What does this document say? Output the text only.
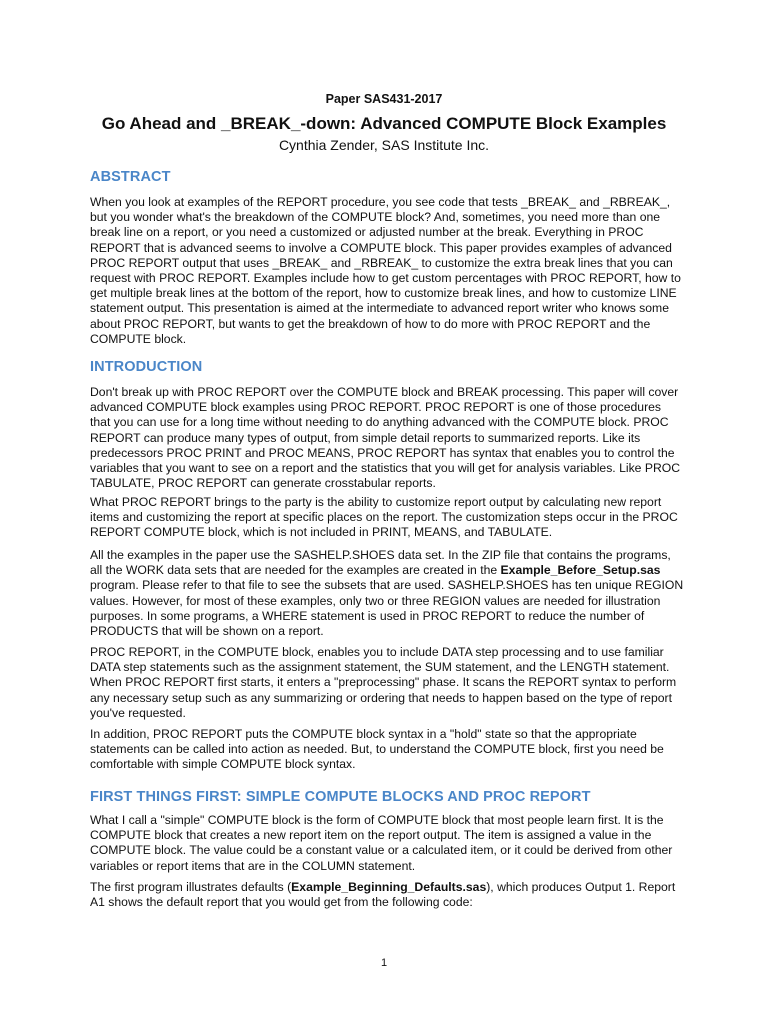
Paper SAS431-2017
Go Ahead and _BREAK_-down: Advanced COMPUTE Block Examples
Cynthia Zender, SAS Institute Inc.
ABSTRACT
When you look at examples of the REPORT procedure, you see code that tests _BREAK_ and _RBREAK_, but you wonder what's the breakdown of the COMPUTE block? And, sometimes, you need more than one break line on a report, or you need a customized or adjusted number at the break. Everything in PROC REPORT that is advanced seems to involve a COMPUTE block. This paper provides examples of advanced PROC REPORT output that uses _BREAK_ and _RBREAK_ to customize the extra break lines that you can request with PROC REPORT. Examples include how to get custom percentages with PROC REPORT, how to get multiple break lines at the bottom of the report, how to customize break lines, and how to customize LINE statement output. This presentation is aimed at the intermediate to advanced report writer who knows some about PROC REPORT, but wants to get the breakdown of how to do more with PROC REPORT and the COMPUTE block.
INTRODUCTION
Don't break up with PROC REPORT over the COMPUTE block and BREAK processing. This paper will cover advanced COMPUTE block examples using PROC REPORT. PROC REPORT is one of those procedures that you can use for a long time without needing to do anything advanced with the COMPUTE block. PROC REPORT can produce many types of output, from simple detail reports to summarized reports. Like its predecessors PROC PRINT and PROC MEANS, PROC REPORT has syntax that enables you to control the variables that you want to see on a report and the statistics that you will get for analysis variables. Like PROC TABULATE, PROC REPORT can generate crosstabular reports.
What PROC REPORT brings to the party is the ability to customize report output by calculating new report items and customizing the report at specific places on the report. The customization steps occur in the PROC REPORT COMPUTE block, which is not included in PRINT, MEANS, and TABULATE.
All the examples in the paper use the SASHELP.SHOES data set. In the ZIP file that contains the programs, all the WORK data sets that are needed for the examples are created in the Example_Before_Setup.sas program. Please refer to that file to see the subsets that are used. SASHELP.SHOES has ten unique REGION values. However, for most of these examples, only two or three REGION values are needed for illustration purposes. In some programs, a WHERE statement is used in PROC REPORT to reduce the number of PRODUCTS that will be shown on a report.
PROC REPORT, in the COMPUTE block, enables you to include DATA step processing and to use familiar DATA step statements such as the assignment statement, the SUM statement, and the LENGTH statement. When PROC REPORT first starts, it enters a "preprocessing" phase. It scans the REPORT syntax to perform any necessary setup such as any summarizing or ordering that needs to happen based on the type of report you've requested.
In addition, PROC REPORT puts the COMPUTE block syntax in a "hold" state so that the appropriate statements can be called into action as needed. But, to understand the COMPUTE block, first you need be comfortable with simple COMPUTE block syntax.
FIRST THINGS FIRST: SIMPLE COMPUTE BLOCKS AND PROC REPORT
What I call a "simple" COMPUTE block is the form of COMPUTE block that most people learn first. It is the COMPUTE block that creates a new report item on the report output. The item is assigned a value in the COMPUTE block. The value could be a constant value or a calculated item, or it could be derived from other variables or report items that are in the COLUMN statement.
The first program illustrates defaults (Example_Beginning_Defaults.sas), which produces Output 1. Report A1 shows the default report that you would get from the following code:
1
